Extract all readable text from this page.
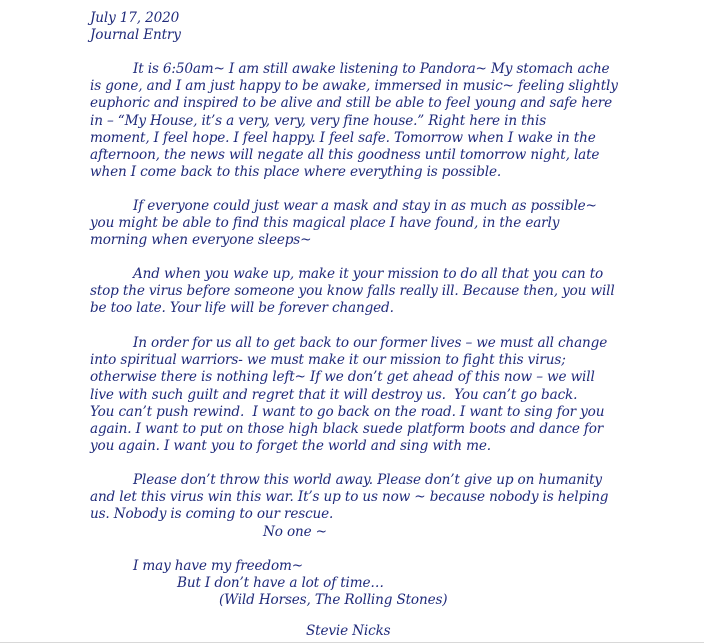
July 17, 2020
Journal Entry
It is 6:50am~ I am still awake listening to Pandora~ My stomach ache
is gone, and I am just happy to be awake, immersed in music~ feeling slightly
euphoric and inspired to be alive and still be able to feel young and safe here
in – “My House, it’s a very, very, very fine house.” Right here in this
moment, I feel hope. I feel happy. I feel safe. Tomorrow when I wake in the
afternoon, the news will negate all this goodness until tomorrow night, late
when I come back to this place where everything is possible.
If everyone could just wear a mask and stay in as much as possible~
you might be able to find this magical place I have found, in the early
morning when everyone sleeps~
And when you wake up, make it your mission to do all that you can to
stop the virus before someone you know falls really ill. Because then, you will
be too late. Your life will be forever changed.
In order for us all to get back to our former lives – we must all change
into spiritual warriors- we must make it our mission to fight this virus;
otherwise there is nothing left~ If we don’t get ahead of this now – we will
live with such guilt and regret that it will destroy us.  You can’t go back.
You can’t push rewind.  I want to go back on the road. I want to sing for you
again. I want to put on those high black suede platform boots and dance for
you again. I want you to forget the world and sing with me.
Please don’t throw this world away. Please don’t give up on humanity
and let this virus win this war. It’s up to us now ~ because nobody is helping
us. Nobody is coming to our rescue.
No one ~
I may have my freedom~
But I don’t have a lot of time…
(Wild Horses, The Rolling Stones)
Stevie Nicks
